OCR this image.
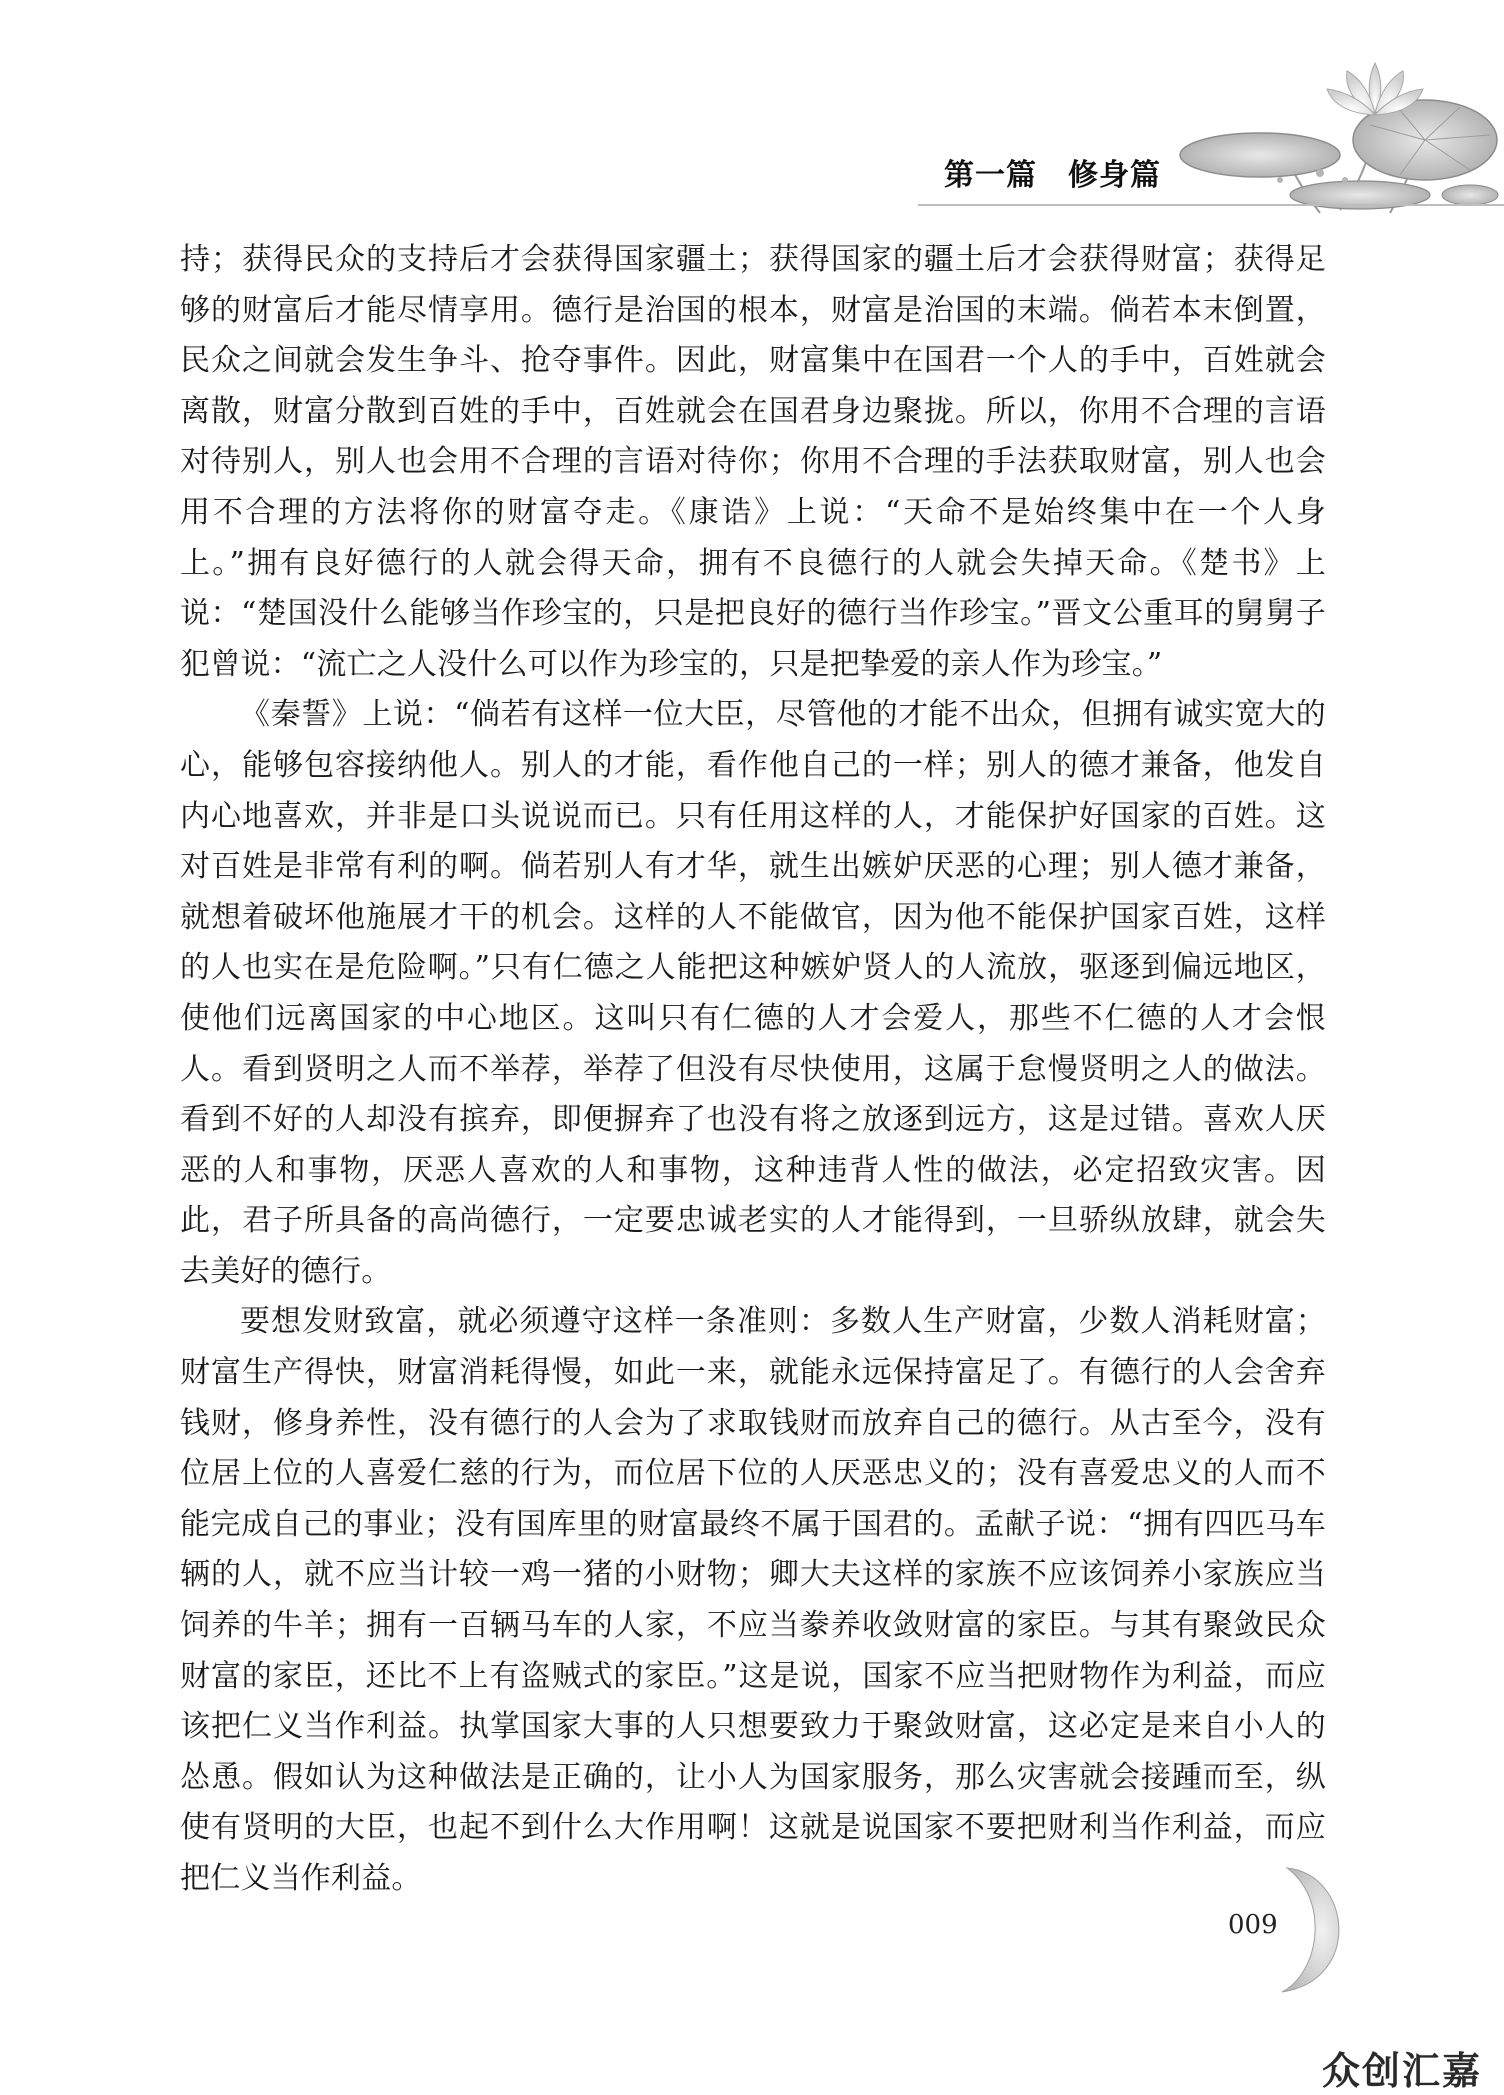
第一篇　修身篇

持；获得民众的支持后才会获得国家疆土；获得国家的疆土后才会获得财富；获得足够的财富后才能尽情享用。德行是治国的根本，财富是治国的末端。倘若本末倒置，民众之间就会发生争斗、抢夺事件。因此，财富集中在国君一个人的手中，百姓就会离散，财富分散到百姓的手中，百姓就会在国君身边聚拢。所以，你用不合理的言语对待别人，别人也会用不合理的言语对待你；你用不合理的手法获取财富，别人也会用不合理的方法将你的财富夺走。《康诰》上说：“天命不是始终集中在一个人身上。”拥有良好德行的人就会得天命，拥有不良德行的人就会失掉天命。《楚书》上说：“楚国没什么能够当作珍宝的，只是把良好的德行当作珍宝。”晋文公重耳的舅舅子犯曾说：“流亡之人没什么可以作为珍宝的，只是把挚爱的亲人作为珍宝。”

《秦誓》上说：“倘若有这样一位大臣，尽管他的才能不出众，但拥有诚实宽大的心，能够包容接纳他人。别人的才能，看作他自己的一样；别人的德才兼备，他发自内心地喜欢，并非是口头说说而已。只有任用这样的人，才能保护好国家的百姓。这对百姓是非常有利的啊。倘若别人有才华，就生出嫉妒厌恶的心理；别人德才兼备，就想着破坏他施展才干的机会。这样的人不能做官，因为他不能保护国家百姓，这样的人也实在是危险啊。”只有仁德之人能把这种嫉妒贤人的人流放，驱逐到偏远地区，使他们远离国家的中心地区。这叫只有仁德的人才会爱人，那些不仁德的人才会恨人。看到贤明之人而不举荐，举荐了但没有尽快使用，这属于怠慢贤明之人的做法。看到不好的人却没有摈弃，即便摒弃了也没有将之放逐到远方，这是过错。喜欢人厌恶的人和事物，厌恶人喜欢的人和事物，这种违背人性的做法，必定招致灾害。因此，君子所具备的高尚德行，一定要忠诚老实的人才能得到，一旦骄纵放肆，就会失去美好的德行。

要想发财致富，就必须遵守这样一条准则：多数人生产财富，少数人消耗财富；财富生产得快，财富消耗得慢，如此一来，就能永远保持富足了。有德行的人会舍弃钱财，修身养性，没有德行的人会为了求取钱财而放弃自己的德行。从古至今，没有位居上位的人喜爱仁慈的行为，而位居下位的人厌恶忠义的；没有喜爱忠义的人而不能完成自己的事业；没有国库里的财富最终不属于国君的。孟献子说：“拥有四匹马车辆的人，就不应当计较一鸡一猪的小财物；卿大夫这样的家族不应该饲养小家族应当饲养的牛羊；拥有一百辆马车的人家，不应当豢养收敛财富的家臣。与其有聚敛民众财富的家臣，还比不上有盗贼式的家臣。”这是说，国家不应当把财物作为利益，而应该把仁义当作利益。执掌国家大事的人只想要致力于聚敛财富，这必定是来自小人的怂恿。假如认为这种做法是正确的，让小人为国家服务，那么灾害就会接踵而至，纵使有贤明的大臣，也起不到什么大作用啊！这就是说国家不要把财利当作利益，而应把仁义当作利益。

009
众创汇嘉
